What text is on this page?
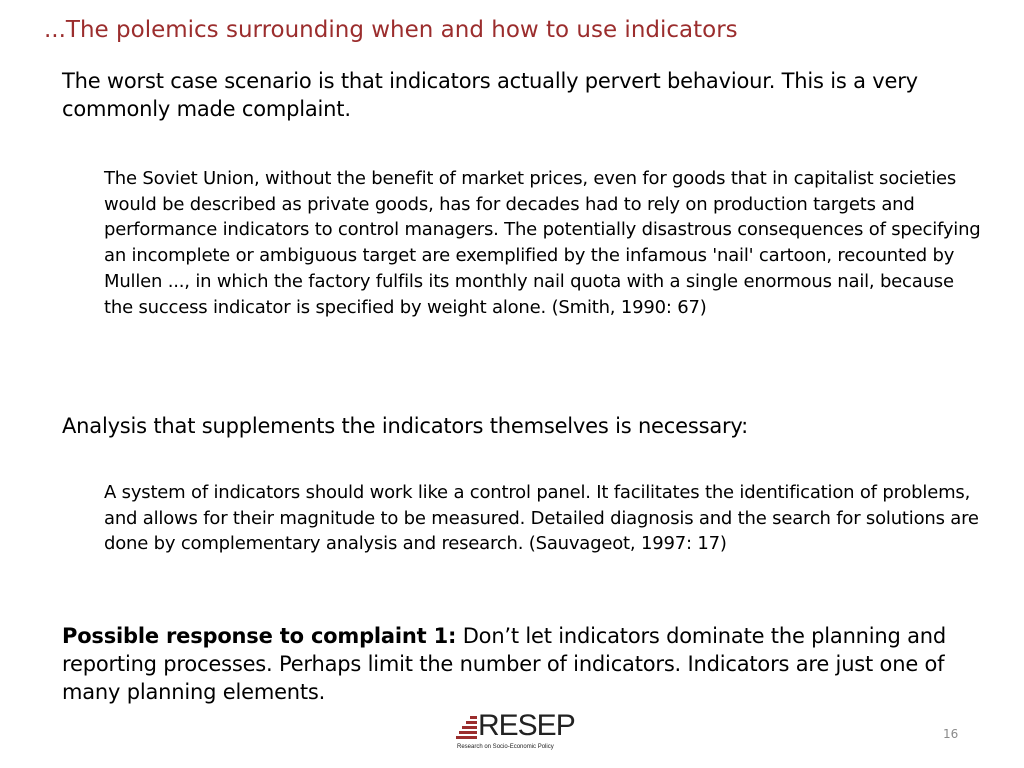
...The polemics surrounding when and how to use indicators

The worst case scenario is that indicators actually pervert behaviour. This is a very commonly made complaint.

The Soviet Union, without the benefit of market prices, even for goods that in capitalist societies would be described as private goods, has for decades had to rely on production targets and performance indicators to control managers. The potentially disastrous consequences of specifying an incomplete or ambiguous target are exemplified by the infamous 'nail' cartoon, recounted by Mullen ..., in which the factory fulfils its monthly nail quota with a single enormous nail, because the success indicator is specified by weight alone. (Smith, 1990: 67)

Analysis that supplements the indicators themselves is necessary:

A system of indicators should work like a control panel. It facilitates the identification of problems, and allows for their magnitude to be measured. Detailed diagnosis and the search for solutions are done by complementary analysis and research. (Sauvageot, 1997: 17)

Possible response to complaint 1: Don’t let indicators dominate the planning and reporting processes. Perhaps limit the number of indicators. Indicators are just one of many planning elements.

RESEP
Research on Socio-Economic Policy
16
